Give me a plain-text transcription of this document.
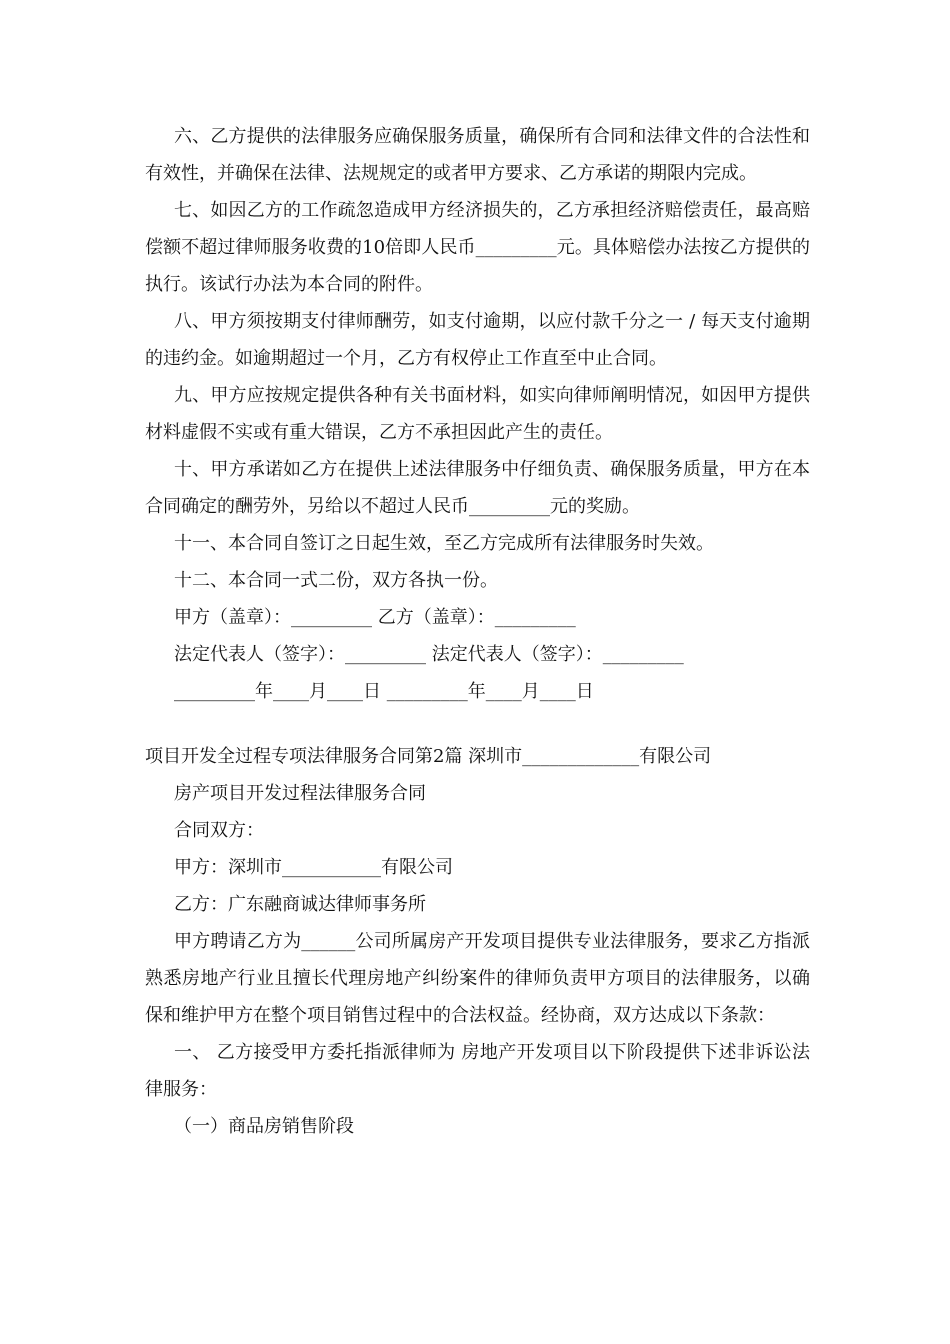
六、乙方提供的法律服务应确保服务质量，确保所有合同和法律文件的合法性和有效性，并确保在法律、法规规定的或者甲方要求、乙方承诺的期限内完成。

七、如因乙方的工作疏忽造成甲方经济损失的，乙方承担经济赔偿责任，最高赔偿额不超过律师服务收费的10倍即人民币_________元。具体赔偿办法按乙方提供的执行。该试行办法为本合同的附件。

八、甲方须按期支付律师酬劳，如支付逾期，以应付款千分之一 / 每天支付逾期的违约金。如逾期超过一个月，乙方有权停止工作直至中止合同。

九、甲方应按规定提供各种有关书面材料，如实向律师阐明情况，如因甲方提供材料虚假不实或有重大错误，乙方不承担因此产生的责任。

十、甲方承诺如乙方在提供上述法律服务中仔细负责、确保服务质量，甲方在本合同确定的酬劳外，另给以不超过人民币_________元的奖励。

十一、本合同自签订之日起生效，至乙方完成所有法律服务时失效。

十二、本合同一式二份，双方各执一份。

甲方（盖章）：_________ 乙方（盖章）：_________

法定代表人（签字）：_________ 法定代表人（签字）：_________

_________年____月____日 _________年____月____日

项目开发全过程专项法律服务合同第2篇 深圳市_____________有限公司

房产项目开发过程法律服务合同

合同双方：

甲方：深圳市___________有限公司

乙方：广东融商诚达律师事务所

甲方聘请乙方为______公司所属房产开发项目提供专业法律服务，要求乙方指派熟悉房地产行业且擅长代理房地产纠纷案件的律师负责甲方项目的法律服务，以确保和维护甲方在整个项目销售过程中的合法权益。经协商，双方达成以下条款：

一、 乙方接受甲方委托指派律师为 房地产开发项目以下阶段提供下述非诉讼法律服务：

（一）商品房销售阶段
